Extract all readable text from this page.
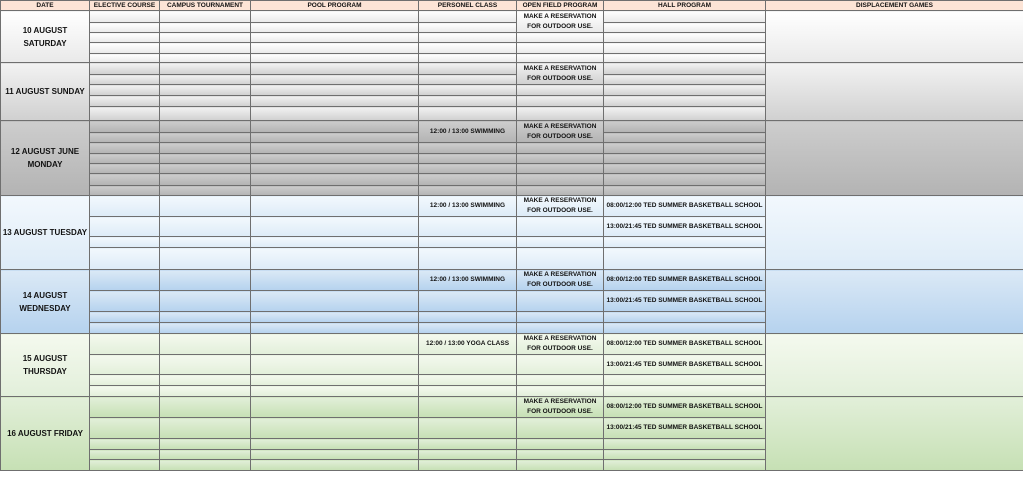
DATE	ELECTIVE COURSE	CAMPUS TOURNAMENT	POOL PROGRAM	PERSONEL CLASS	OPEN FIELD PROGRAM	HALL PROGRAM	DISPLACEMENT GAMES
10 AUGUST SATURDAY					MAKE A RESERVATION FOR OUTDOOR USE.		

11 AUGUST SUNDAY					MAKE A RESERVATION FOR OUTDOOR USE.		

12 AUGUST JUNE MONDAY				12:00 / 13:00 SWIMMING	MAKE A RESERVATION FOR OUTDOOR USE.		

13 AUGUST TUESDAY				12:00 / 13:00 SWIMMING	MAKE A RESERVATION FOR OUTDOOR USE.	08:00/12:00 TED SUMMER BASKETBALL SCHOOL	
						13:00/21:45 TED SUMMER BASKETBALL SCHOOL	

14 AUGUST WEDNESDAY				12:00 / 13:00 SWIMMING	MAKE A RESERVATION FOR OUTDOOR USE.	08:00/12:00 TED SUMMER BASKETBALL SCHOOL	
						13:00/21:45 TED SUMMER BASKETBALL SCHOOL	

15 AUGUST THURSDAY				12:00 / 13:00 YOGA CLASS	MAKE A RESERVATION FOR OUTDOOR USE.	08:00/12:00 TED SUMMER BASKETBALL SCHOOL	
						13:00/21:45 TED SUMMER BASKETBALL SCHOOL	

16 AUGUST FRIDAY					MAKE A RESERVATION FOR OUTDOOR USE.	08:00/12:00 TED SUMMER BASKETBALL SCHOOL	
						13:00/21:45 TED SUMMER BASKETBALL SCHOOL	
